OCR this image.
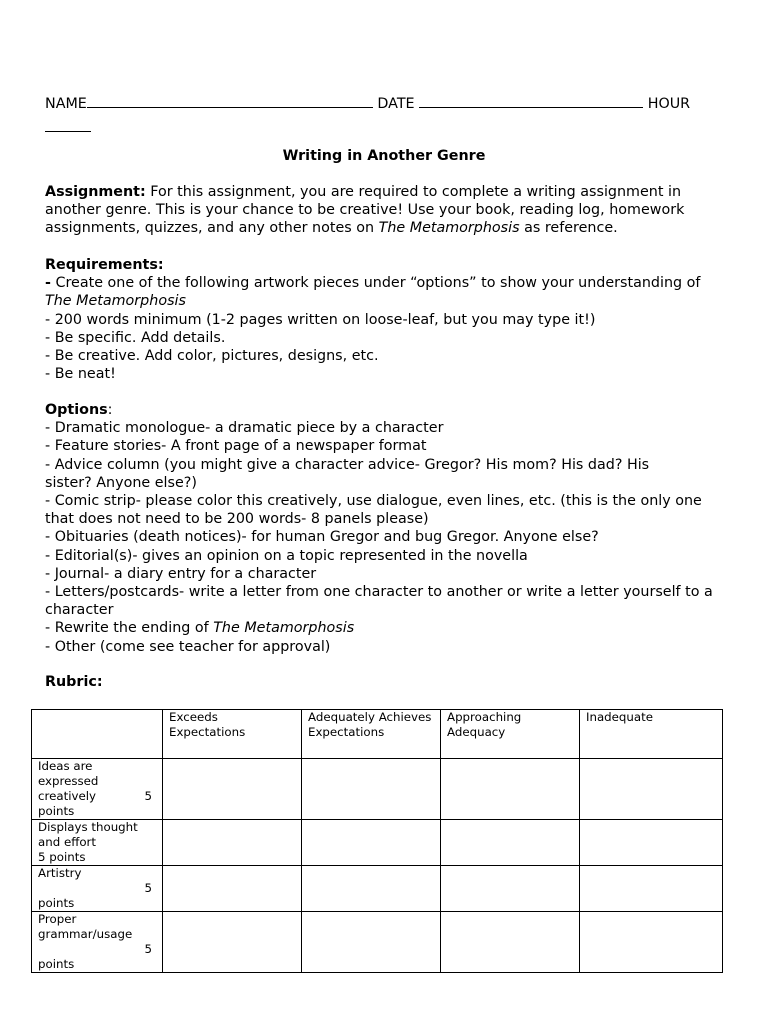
NAME	DATE	HOUR

Writing in Another Genre

Assignment: For this assignment, you are required to complete a writing assignment in another genre. This is your chance to be creative! Use your book, reading log, homework assignments, quizzes, and any other notes on The Metamorphosis as reference.

Requirements:
- Create one of the following artwork pieces under “options” to show your understanding of
The Metamorphosis
- 200 words minimum (1-2 pages written on loose-leaf, but you may type it!)
- Be specific. Add details.
- Be creative. Add color, pictures, designs, etc.
- Be neat!
Options:
- Dramatic monologue- a dramatic piece by a character
- Feature stories- A front page of a newspaper format
- Advice column (you might give a character advice- Gregor? His mom? His dad? His sister? Anyone else?)
- Comic strip- please color this creatively, use dialogue, even lines, etc. (this is the only one that does not need to be 200 words- 8 panels please)
- Obituaries (death notices)- for human Gregor and bug Gregor. Anyone else?
- Editorial(s)- gives an opinion on a topic represented in the novella
- Journal- a diary entry for a character
- Letters/postcards- write a letter from one character to another or write a letter yourself to a character
- Rewrite the ending of The Metamorphosis
- Other (come see teacher for approval)
Rubric:
	Exceeds Expectations	Adequately Achieves Expectations	Approaching Adequacy	Inadequate

Ideas are expressed creatively 5
points				

Displays thought and effort
5 points				

Artistry
5
points				

Proper grammar/usage
5
points				
